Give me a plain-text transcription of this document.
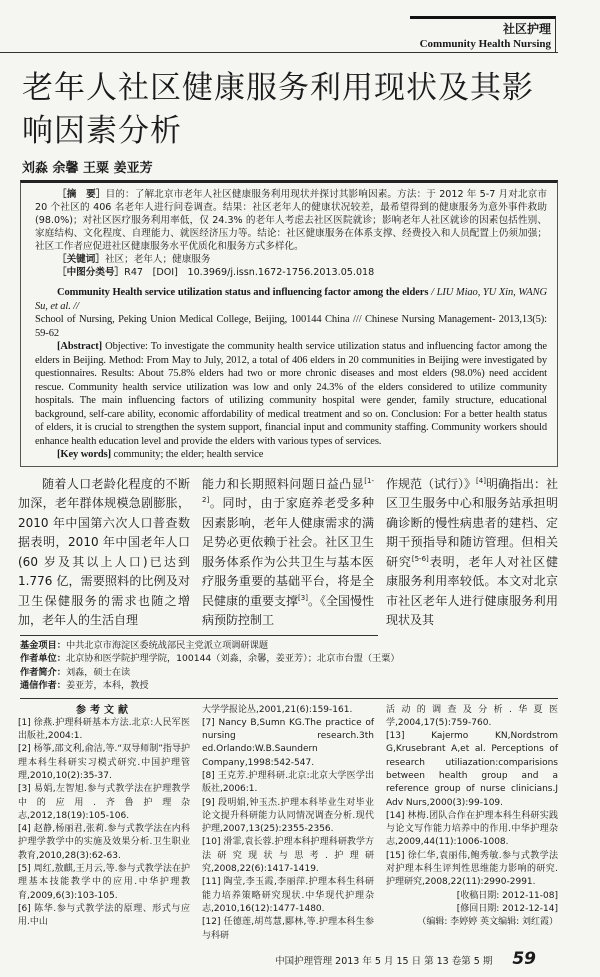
社区护理
Community Health Nursing
老年人社区健康服务利用现状及其影响因素分析
刘淼 余馨 王粟 姜亚芳

［摘　要］目的：了解北京市老年人社区健康服务利用现状并探讨其影响因素。方法：于 2012 年 5-7 月对北京市 20 个社区的 406 名老年人进行问卷调查。结果：社区老年人的健康状况较差，最希望得到的健康服务为意外事件救助(98.0%)；对社区医疗服务利用率低，仅 24.3% 的老年人考虑去社区医院就诊；影响老年人社区就诊的因素包括性别、家庭结构、文化程度、自理能力、就医经济压力等。结论：社区健康服务在体系支撑、经费投入和人员配置上仍须加强；社区工作者应促进社区健康服务水平优质化和服务方式多样化。

［关键词］社区；老年人；健康服务

［中图分类号］R47　[DOI]　10.3969/j.issn.1672-1756.2013.05.018

Community Health service utilization status and influencing factor among the elders / LIU Miao, YU Xin, WANG Su, et al. //

School of Nursing, Peking Union Medical College, Beijing, 100144 China /// Chinese Nursing Management- 2013,13(5): 59-62

[Abstract] Objective: To investigate the community health service utilization status and influencing factor among the elders in Beijing. Method: From May to July, 2012, a total of 406 elders in 20 communities in Beijing were investigated by questionnaires. Results: About 75.8% elders had two or more chronic diseases and most elders (98.0%) need accident rescue. Community health service utilization was low and only 24.3% of the elders considered to utilize community hospitals. The main influencing factors of utilizing community hospital were gender, family structure, educational background, self-care ability, economic affordability of medical treatment and so on. Conclusion: For a better health status of elders, it is crucial to strengthen the system support, financial input and community staffing. Community workers should enhance health education level and provide the elders with various types of services.

[Key words] community; the elder; health service

随着人口老龄化程度的不断加深，老年群体规模急剧膨胀，2010 年中国第六次人口普查数据表明，2010 年中国老年人口(60 岁及其以上人口)已达到 1.776 亿，需要照料的比例及对卫生保健服务的需求也随之增加，老年人的生活自理
能力和长期照料问题日益凸显[1-2]。同时，由于家庭养老受多种因素影响，老年人健康需求的满足势必更依赖于社会。社区卫生服务体系作为公共卫生与基本医疗服务重要的基础平台，将是全民健康的重要支撑[3]。《全国慢性病预防控制工
作规范（试行）》[4]明确指出：社区卫生服务中心和服务站承担明确诊断的慢性病患者的建档、定期干预指导和随访管理。但相关研究[5-6]表明，老年人对社区健康服务利用率较低。本文对北京市社区老年人进行健康服务利用现状及其
基金项目：中共北京市海淀区委统战部民主党派立项调研课题
作者单位：北京协和医学院护理学院，100144（刘淼，余馨，姜亚芳）；北京市台盟（王粟）
作者简介：刘淼，硕士在读
通信作者：姜亚芳，本科，教授
参考文献
[1] 徐燕.护理科研基本方法.北京:人民军医出版社,2004:1.
[2] 杨筝,邵文利,俞洁,等.“双导师制”指导护理本科生科研实习模式研究.中国护理管理,2010,10(2):35-37.
[3] 易娟,左智旭.参与式教学法在护理教学中的应用.齐鲁护理杂志,2012,18(19):105-106.
[4] 赵静,杨丽君,张莉.参与式教学法在内科护理学教学中的实施及效果分析.卫生职业教育,2010,28(3):62-63.
[5] 周红,敖麒,王月云,等.参与式教学法在护理基本技能教学中的应用.中华护理教育,2009,6(3):103-105.
[6] 陈华.参与式教学法的原理、形式与应用.中山
大学学报论丛,2001,21(6):159-161.
[7] Nancy B,Sumn KG.The practice of nursing research.3th ed.Orlando:W.B.Saundern Company,1998:542-547.
[8] 王克芳.护理科研.北京:北京大学医学出版社,2006:1.
[9] 段明娟,钟玉杰.护理本科毕业生对毕业论文提升科研能力认同情况调查分析.现代护理,2007,13(25):2355-2356.
[10] 滑霏,袁长蓉.护理本科护理科研教学方法研究现状与思考.护理研究,2008,22(6):1417-1419.
[11] 陶莹,李玉霞,李丽萍.护理本科生科研能力培养策略研究现状.中华现代护理杂志,2010,16(12):1477-1480.
[12] 任德莲,胡茑慧,郾林,等.护理本科生参与科研
活动的调查及分析.华夏医学,2004,17(5):759-760.
[13] Kajermo KN,Nordstrom G,Krusebrant A,et al. Perceptions of research utiliazation:comparisions between health group and a reference group of nurse clinicians.J Adv Nurs,2000(3):99-109.
[14] 林梅.团队合作在护理本科生科研实践与论文写作能力培养中的作用.中华护理杂志,2009,44(11):1006-1008.
[15] 徐仁华,袁丽伟,鲍秀敏.参与式教学法对护理本科生评判性思维能力影响的研究.护理研究,2008,22(11):2990-2991.
[收稿日期: 2012-11-08]
[修回日期: 2012-12-14]
（编辑: 李婷婷 英文编辑: 刘红霞）
中国护理管理 2013 年 5 月 15 日 第 13 卷第 5 期 59
